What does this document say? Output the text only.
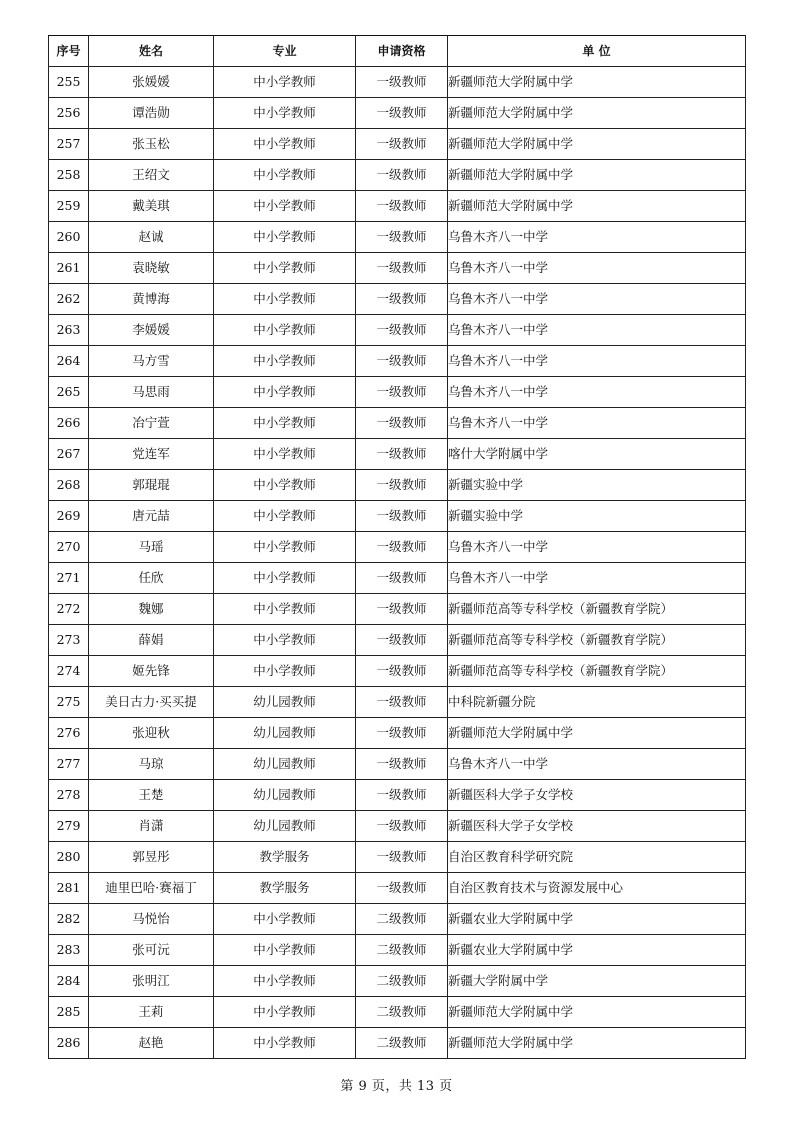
序号	姓名	专业	申请资格	单 位
255	张媛媛	中小学教师	一级教师	新疆师范大学附属中学
256	谭浩勋	中小学教师	一级教师	新疆师范大学附属中学
257	张玉松	中小学教师	一级教师	新疆师范大学附属中学
258	王绍文	中小学教师	一级教师	新疆师范大学附属中学
259	戴美琪	中小学教师	一级教师	新疆师范大学附属中学
260	赵诚	中小学教师	一级教师	乌鲁木齐八一中学
261	袁晓敏	中小学教师	一级教师	乌鲁木齐八一中学
262	黄博海	中小学教师	一级教师	乌鲁木齐八一中学
263	李媛媛	中小学教师	一级教师	乌鲁木齐八一中学
264	马方雪	中小学教师	一级教师	乌鲁木齐八一中学
265	马思雨	中小学教师	一级教师	乌鲁木齐八一中学
266	冶宁萱	中小学教师	一级教师	乌鲁木齐八一中学
267	党连军	中小学教师	一级教师	喀什大学附属中学
268	郭琨琨	中小学教师	一级教师	新疆实验中学
269	唐元喆	中小学教师	一级教师	新疆实验中学
270	马瑶	中小学教师	一级教师	乌鲁木齐八一中学
271	任欣	中小学教师	一级教师	乌鲁木齐八一中学
272	魏娜	中小学教师	一级教师	新疆师范高等专科学校（新疆教育学院）
273	薛娟	中小学教师	一级教师	新疆师范高等专科学校（新疆教育学院）
274	姬先锋	中小学教师	一级教师	新疆师范高等专科学校（新疆教育学院）
275	美日古力·买买提	幼儿园教师	一级教师	中科院新疆分院
276	张迎秋	幼儿园教师	一级教师	新疆师范大学附属中学
277	马琼	幼儿园教师	一级教师	乌鲁木齐八一中学
278	王楚	幼儿园教师	一级教师	新疆医科大学子女学校
279	肖潇	幼儿园教师	一级教师	新疆医科大学子女学校
280	郭昱彤	教学服务	一级教师	自治区教育科学研究院
281	迪里巴哈·赛福丁	教学服务	一级教师	自治区教育技术与资源发展中心
282	马悦怡	中小学教师	二级教师	新疆农业大学附属中学
283	张可沅	中小学教师	二级教师	新疆农业大学附属中学
284	张明江	中小学教师	二级教师	新疆大学附属中学
285	王莉	中小学教师	二级教师	新疆师范大学附属中学
286	赵艳	中小学教师	二级教师	新疆师范大学附属中学
第 9 页，共 13 页
